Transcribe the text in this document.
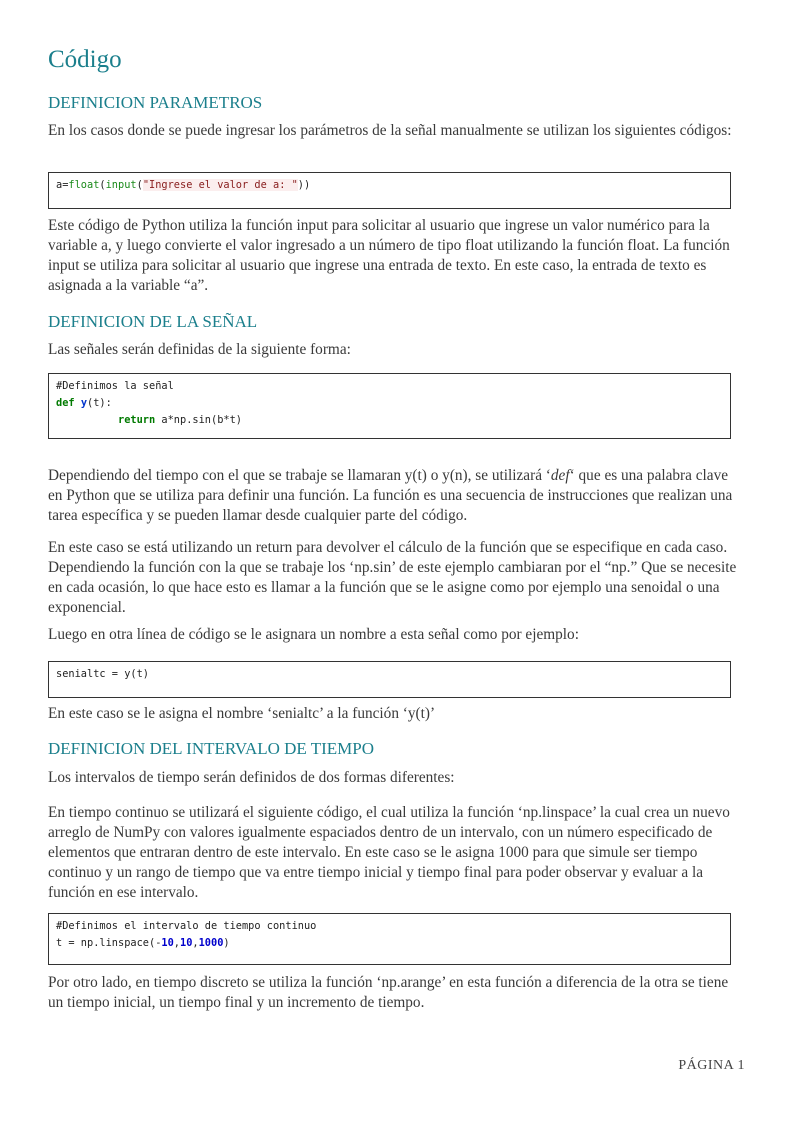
Código
DEFINICION PARAMETROS

En los casos donde se puede ingresar los parámetros de la señal manualmente se utilizan los siguientes códigos:

a=float(input("Ingrese el valor de a: "))

Este código de Python utiliza la función input para solicitar al usuario que ingrese un valor numérico para la variable a, y luego convierte el valor ingresado a un número de tipo float utilizando la función float. La función input se utiliza para solicitar al usuario que ingrese una entrada de texto. En este caso, la entrada de texto es asignada a la variable “a”.

DEFINICION DE LA SEÑAL

Las señales serán definidas de la siguiente forma:

#Definimos la señal
def y(t):
return a*np.sin(b*t)

Dependiendo del tiempo con el que se trabaje se llamaran y(t) o y(n), se utilizará ‘def‘ que es una palabra clave en Python que se utiliza para definir una función. La función es una secuencia de instrucciones que realizan una tarea específica y se pueden llamar desde cualquier parte del código.

En este caso se está utilizando un return para devolver el cálculo de la función que se especifique en cada caso. Dependiendo la función con la que se trabaje los ‘np.sin’ de este ejemplo cambiaran por el “np.” Que se necesite en cada ocasión, lo que hace esto es llamar a la función que se le asigne como por ejemplo una senoidal o una exponencial.

Luego en otra línea de código se le asignara un nombre a esta señal como por ejemplo:

senialtc = y(t)

En este caso se le asigna el nombre ‘senialtc’ a la función ‘y(t)’

DEFINICION DEL INTERVALO DE TIEMPO

Los intervalos de tiempo serán definidos de dos formas diferentes:

En tiempo continuo se utilizará el siguiente código, el cual utiliza la función ‘np.linspace’ la cual crea un nuevo arreglo de NumPy con valores igualmente espaciados dentro de un intervalo, con un número especificado de elementos que entraran dentro de este intervalo. En este caso se le asigna 1000 para que simule ser tiempo continuo y un rango de tiempo que va entre tiempo inicial y tiempo final para poder observar y evaluar a la función en ese intervalo.

#Definimos el intervalo de tiempo continuo
t = np.linspace(-10,10,1000)

Por otro lado, en tiempo discreto se utiliza la función ‘np.arange’ en esta función a diferencia de la otra se tiene un tiempo inicial, un tiempo final y un incremento de tiempo.

PÁGINA 1
